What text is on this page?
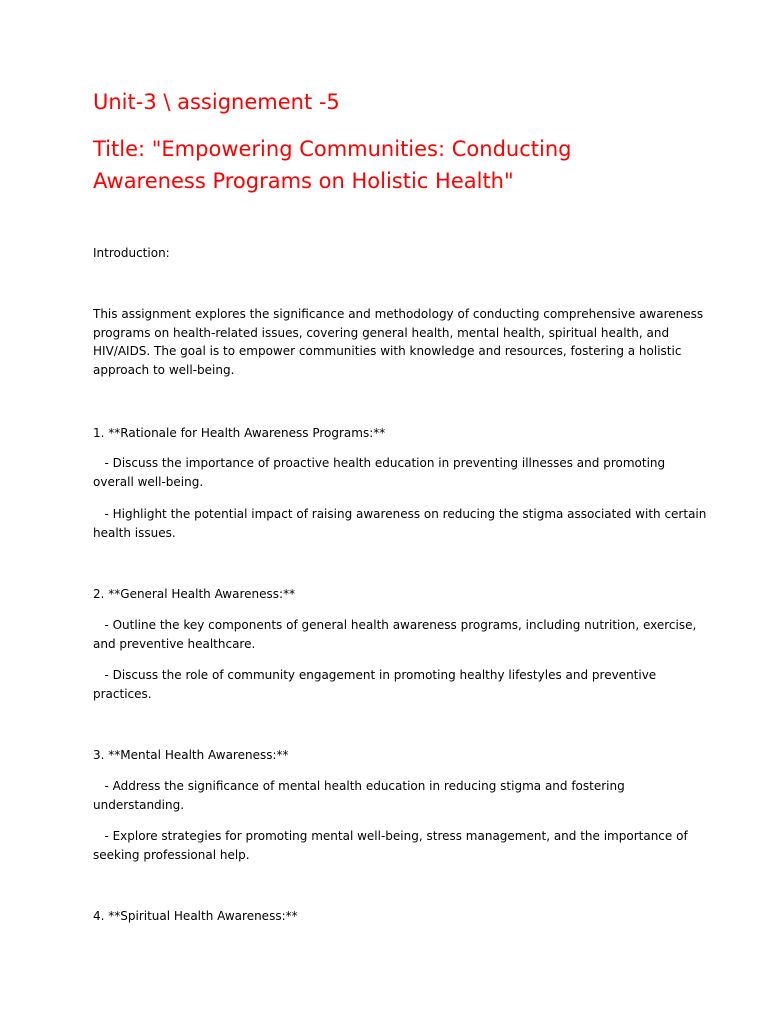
Unit-3 \ assignement -5
Title: "Empowering Communities: Conducting
Awareness Programs on Holistic Health"

Introduction:

This assignment explores the significance and methodology of conducting comprehensive awareness
programs on health-related issues, covering general health, mental health, spiritual health, and
HIV/AIDS. The goal is to empower communities with knowledge and resources, fostering a holistic
approach to well-being.

1. **Rationale for Health Awareness Programs:**

- Discuss the importance of proactive health education in preventing illnesses and promoting
overall well-being.

- Highlight the potential impact of raising awareness on reducing the stigma associated with certain
health issues.

2. **General Health Awareness:**

- Outline the key components of general health awareness programs, including nutrition, exercise,
and preventive healthcare.

- Discuss the role of community engagement in promoting healthy lifestyles and preventive
practices.

3. **Mental Health Awareness:**

- Address the significance of mental health education in reducing stigma and fostering
understanding.

- Explore strategies for promoting mental well-being, stress management, and the importance of
seeking professional help.

4. **Spiritual Health Awareness:**
